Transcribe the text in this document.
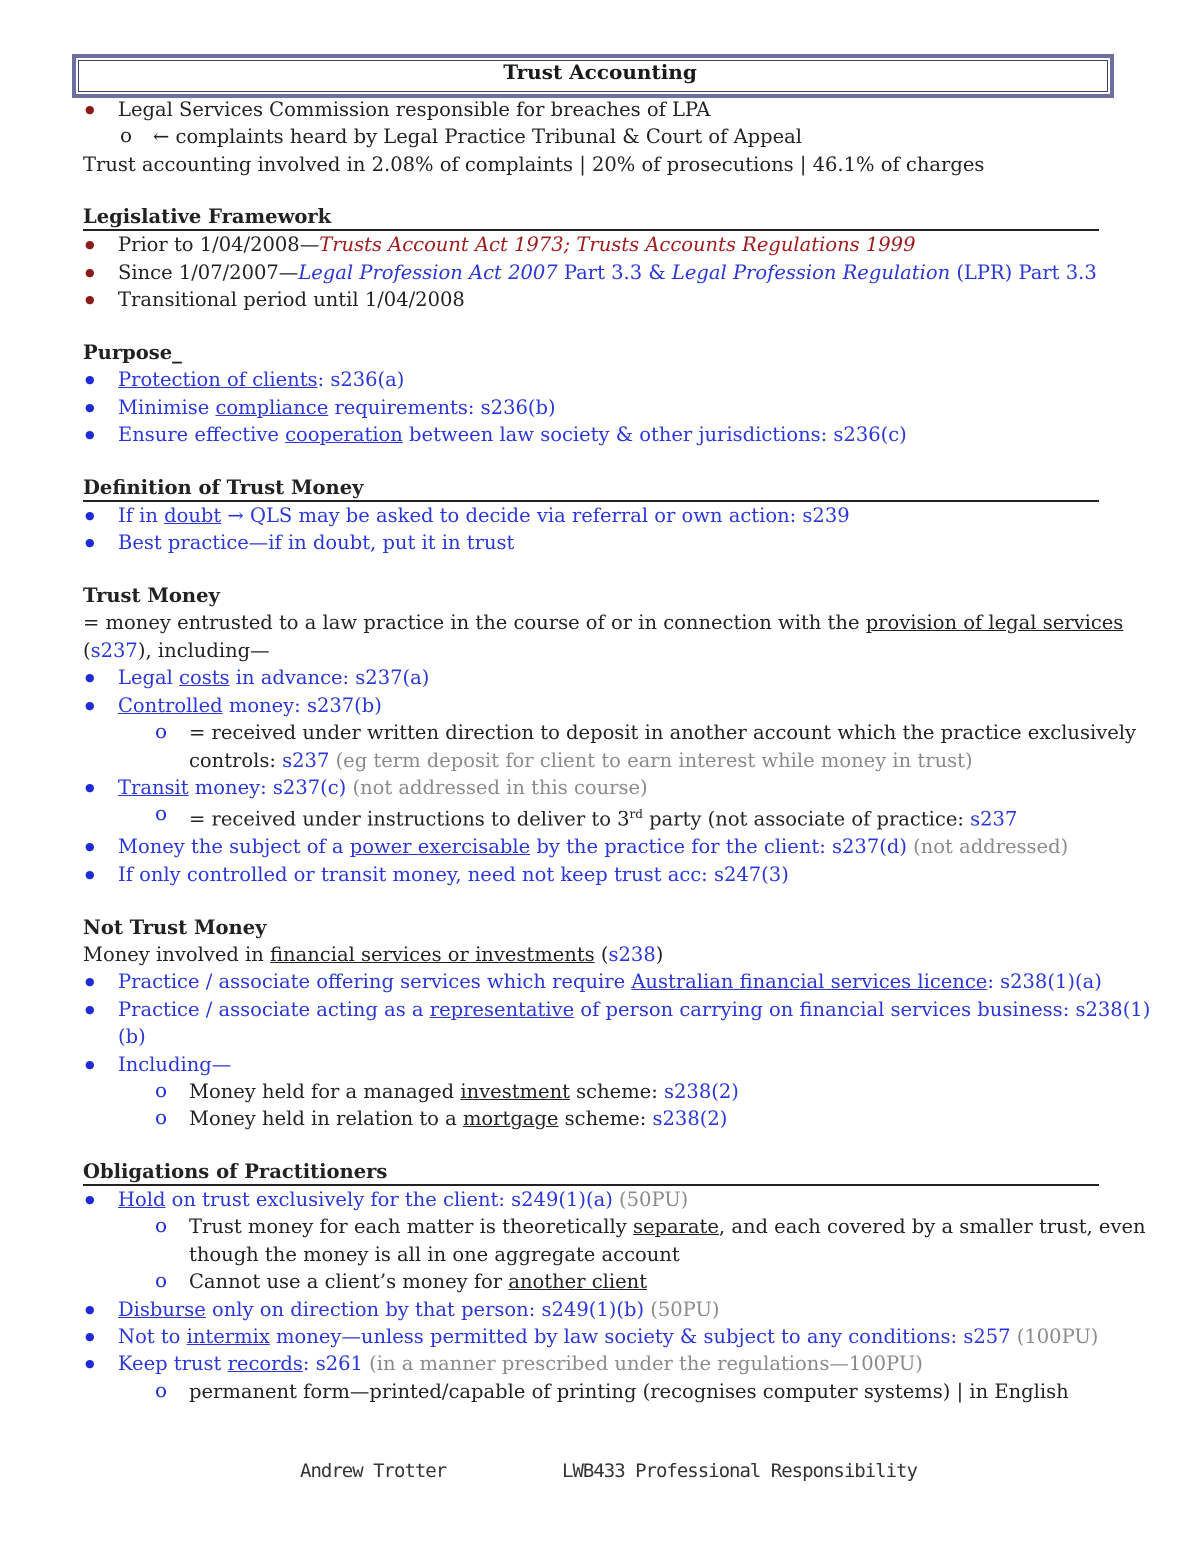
Trust Accounting
● Legal Services Commission responsible for breaches of LPA
o ← complaints heard by Legal Practice Tribunal & Court of Appeal
Trust accounting involved in 2.08% of complaints | 20% of prosecutions | 46.1% of charges
Legislative Framework
● Prior to 1/04/2008—Trusts Account Act 1973; Trusts Accounts Regulations 1999
● Since 1/07/2007—Legal Profession Act 2007 Part 3.3 & Legal Profession Regulation (LPR) Part 3.3
● Transitional period until 1/04/2008
Purpose_
● Protection of clients: s236(a)
● Minimise compliance requirements: s236(b)
● Ensure effective cooperation between law society & other jurisdictions: s236(c)
Definition of Trust Money
● If in doubt → QLS may be asked to decide via referral or own action: s239
● Best practice—if in doubt, put it in trust
Trust Money
= money entrusted to a law practice in the course of or in connection with the provision of legal services
(s237), including—
● Legal costs in advance: s237(a)
● Controlled money: s237(b)
o = received under written direction to deposit in another account which the practice exclusively
controls: s237 (eg term deposit for client to earn interest while money in trust)
● Transit money: s237(c) (not addressed in this course)
o = received under instructions to deliver to 3rd party (not associate of practice: s237
● Money the subject of a power exercisable by the practice for the client: s237(d) (not addressed)
● If only controlled or transit money, need not keep trust acc: s247(3)
Not Trust Money
Money involved in financial services or investments (s238)
● Practice / associate offering services which require Australian financial services licence: s238(1)(a)
● Practice / associate acting as a representative of person carrying on financial services business: s238(1)
(b)
● Including—
o Money held for a managed investment scheme: s238(2)
o Money held in relation to a mortgage scheme: s238(2)
Obligations of Practitioners
● Hold on trust exclusively for the client: s249(1)(a) (50PU)
o Trust money for each matter is theoretically separate, and each covered by a smaller trust, even
though the money is all in one aggregate account
o Cannot use a client’s money for another client
● Disburse only on direction by that person: s249(1)(b) (50PU)
● Not to intermix money—unless permitted by law society & subject to any conditions: s257 (100PU)
● Keep trust records: s261 (in a manner prescribed under the regulations—100PU)
o permanent form—printed/capable of printing (recognises computer systems) | in English
Andrew Trotter	LWB433 Professional Responsibility
